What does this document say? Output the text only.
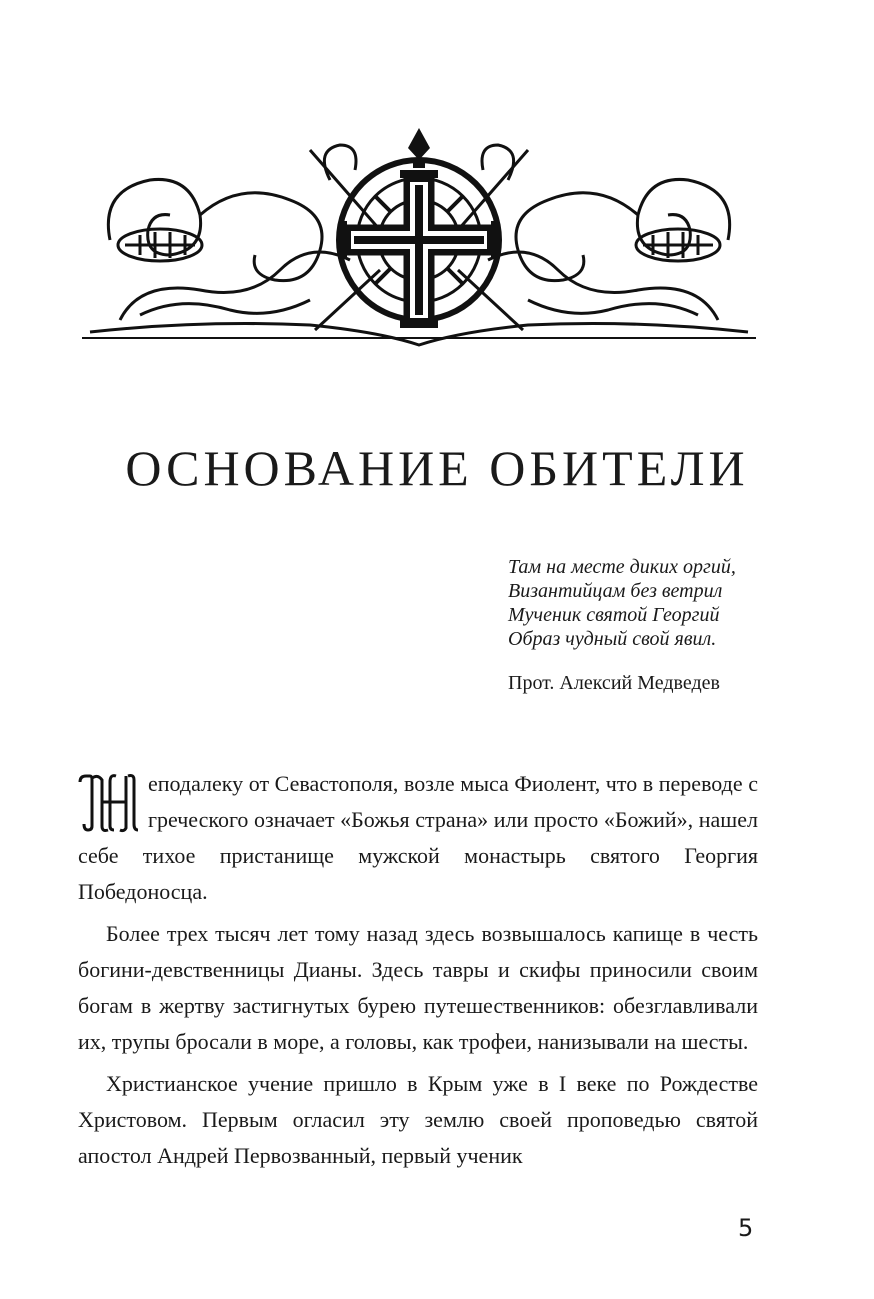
ОСНОВАНИЕ ОБИТЕЛИ
Там на месте диких оргий,
Византийцам без ветрил
Мученик святой Георгий
Образ чудный свой явил.
Прот. Алексий Медведев

еподалеку от Севастополя, возле мыса Фиолент, что в переводе с греческого означает «Божья страна» или просто «Божий», нашел себе тихое пристанище мужской монастырь святого Георгия Победоносца.

Более трех тысяч лет тому назад здесь возвышалось капище в честь богини-девственницы Дианы. Здесь тавры и скифы приносили своим богам в жертву застигнутых бурею путешественников: обезглавливали их, трупы бросали в море, а головы, как трофеи, нанизывали на шесты.

Христианское учение пришло в Крым уже в I веке по Рождестве Христовом. Первым огласил эту землю своей проповедью святой апостол Андрей Первозванный, первый ученик

5
